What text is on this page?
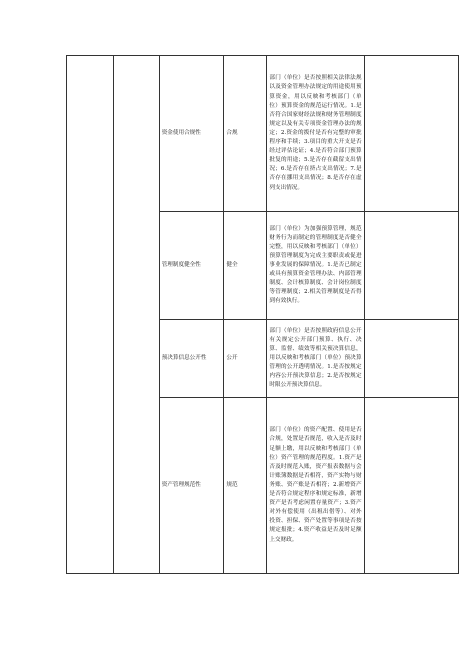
		资金使用合规性	合规	部门（单位）是否按照相关法律法规以及资金管理办法规定的用途使用预算资金，用以反映和考核部门（单位）预算资金的规范运行情况。1.是否符合国家财经法规和财务管理制度规定以及有关专项资金管理办法的规定；2.资金的拨付是否有完整的审批程序和手续；3.项目的重大开支是否经过评估论证；4.是否符合部门预算批复的用途；5.是否存在截留支出情况；6.是否存在挤占支出情况；7.是否存在挪用支出情况；8.是否存在虚列支出情况。	
		管理制度健全性	健全	部门（单位）为加强预算管理，规范财务行为而制定的管理制度是否健全完整，用以反映和考核部门（单位）预算管理制度为完成主要职责或促进事业发展的保障情况。1.是否已制定或具有预算资金管理办法、内部管理制度、会计核算制度、会计岗位制度等管理制度；2.相关管理制度是否得到有效执行。	
		预决算信息公开性	公开	部门（单位）是否按照政府信息公开有关规定公开部门预算、执行、决算、监督、绩效等相关预决算信息，用以反映和考核部门（单位）预决算管理的公开透明情况。1.是否按规定内容公开预决算信息；2.是否按规定时限公开预决算信息。	
		资产管理规范性	规范	部门（单位）的资产配置、使用是否合规，处置是否规范，收入是否及时足额上缴，用以反映和考核部门（单位）资产管理的规范程度。1.资产是否及时规范入账，资产报表数据与会计账簿数据是否相符，资产实物与财务账、资产账是否相符；2.新增资产是否符合规定程序和规定标准，新增资产是否考虑闲置存量资产；3.资产对外有偿使用（出租出借等）、对外投资、担保、资产处置等事项是否按规定报批；4.资产收益是否及时足额上交财政。	
